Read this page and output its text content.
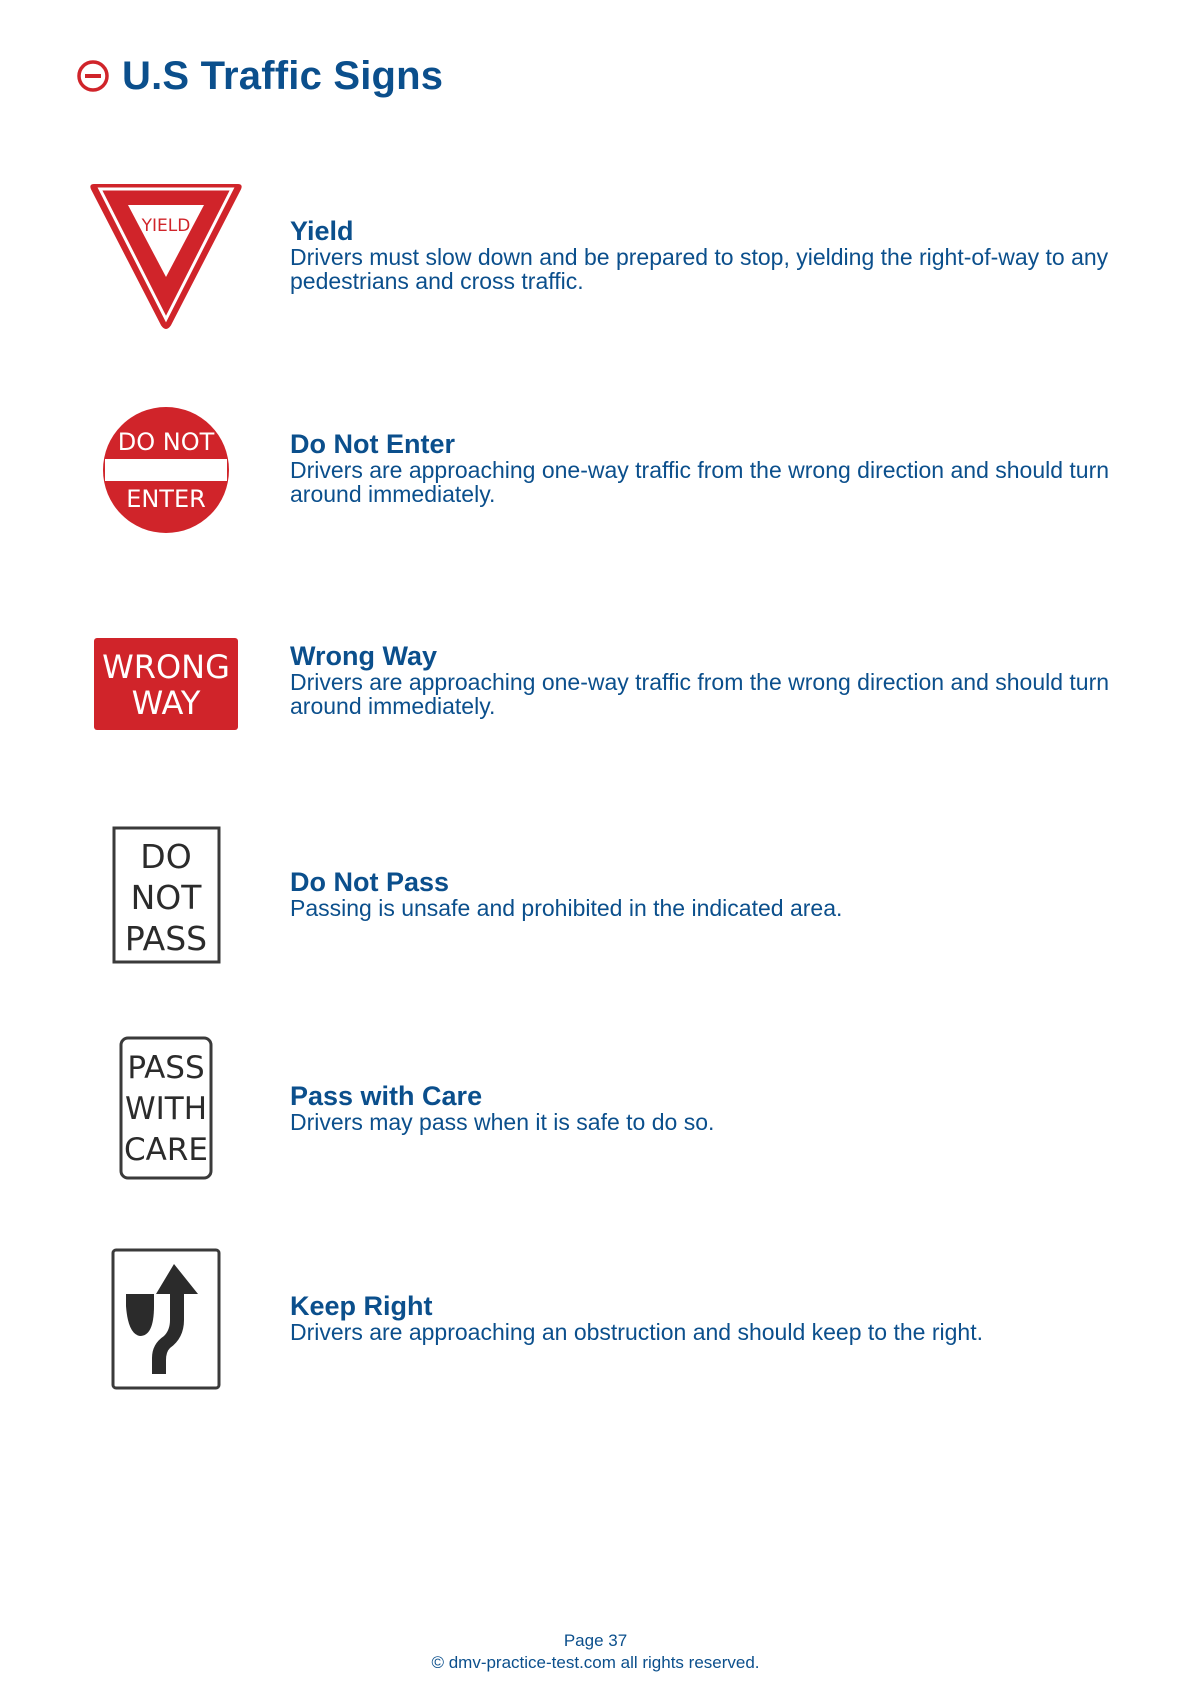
U.S Traffic Signs
YIELD	Yield
Drivers must slow down and be prepared to stop, yielding the right-of-way to any pedestrians and cross traffic.
DO NOT
ENTER
Do Not Enter
Drivers are approaching one-way traffic from the wrong direction and should turn around immediately.
WRONG
WAY
Wrong Way
Drivers are approaching one-way traffic from the wrong direction and should turn around immediately.
DO
NOT
PASS
Do Not Pass
Passing is unsafe and prohibited in the indicated area.
PASS
WITH
CARE
Pass with Care
Drivers may pass when it is safe to do so.
Keep Right
Drivers are approaching an obstruction and should keep to the right.
Page 37
© dmv-practice-test.com all rights reserved.
